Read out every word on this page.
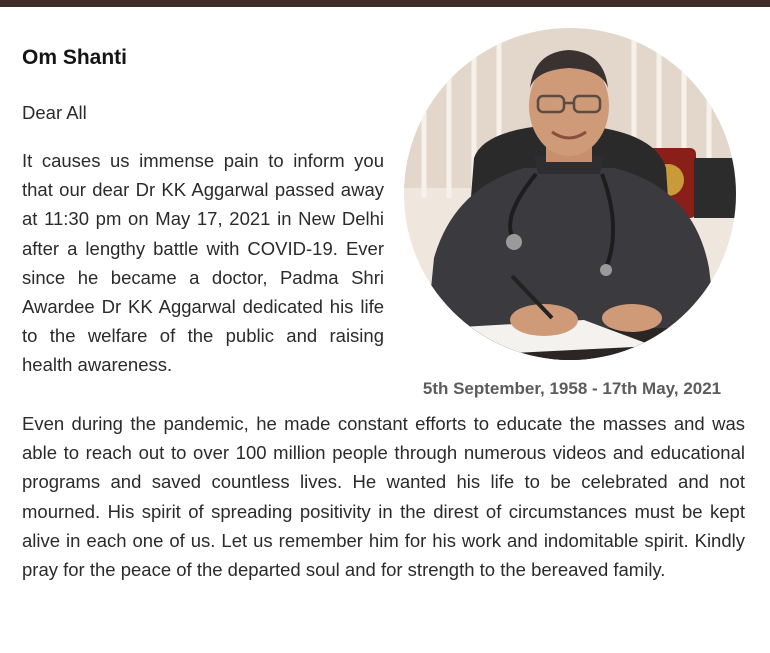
Om Shanti

Dear All

It causes us immense pain to inform you that our dear Dr KK Aggarwal passed away at 11:30 pm on May 17, 2021 in New Delhi after a lengthy battle with COVID-19. Ever since he became a doctor, Padma Shri Awardee Dr KK Aggarwal dedicated his life to the welfare of the public and raising health awareness.

5th September, 1958 - 17th May, 2021

Even during the pandemic, he made constant efforts to educate the masses and was able to reach out to over 100 million people through numerous videos and educational programs and saved countless lives. He wanted his life to be celebrated and not mourned. His spirit of spreading positivity in the direst of circumstances must be kept alive in each one of us. Let us remember him for his work and indomitable spirit. Kindly pray for the peace of the departed soul and for strength to the bereaved family.
